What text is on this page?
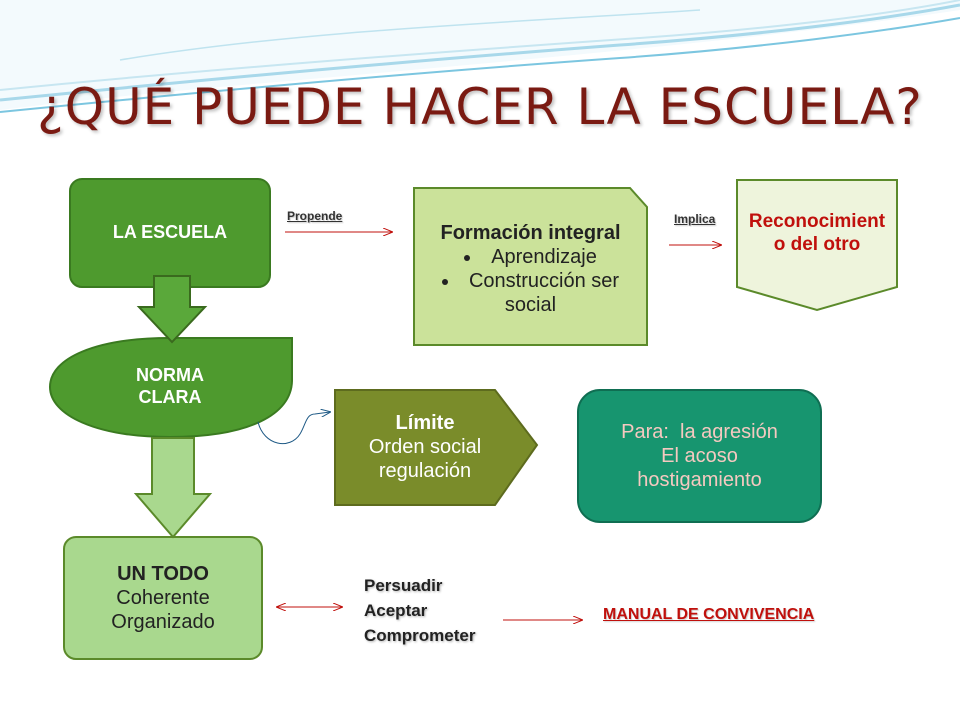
¿QUÉ PUEDE HACER LA ESCUELA?
LA ESCUELA	Formación integral
• Aprendizaje
• Construcción ser social
Reconocimiento del otro
NORMA
CLARA
Límite
Orden social
regulación
Para:  la agresión
El acoso
hostigamiento
UN TODO
Coherente
Organizado
Propende	Implica
Persuadir
Aceptar
Comprometer
MANUAL DE CONVIVENCIA
